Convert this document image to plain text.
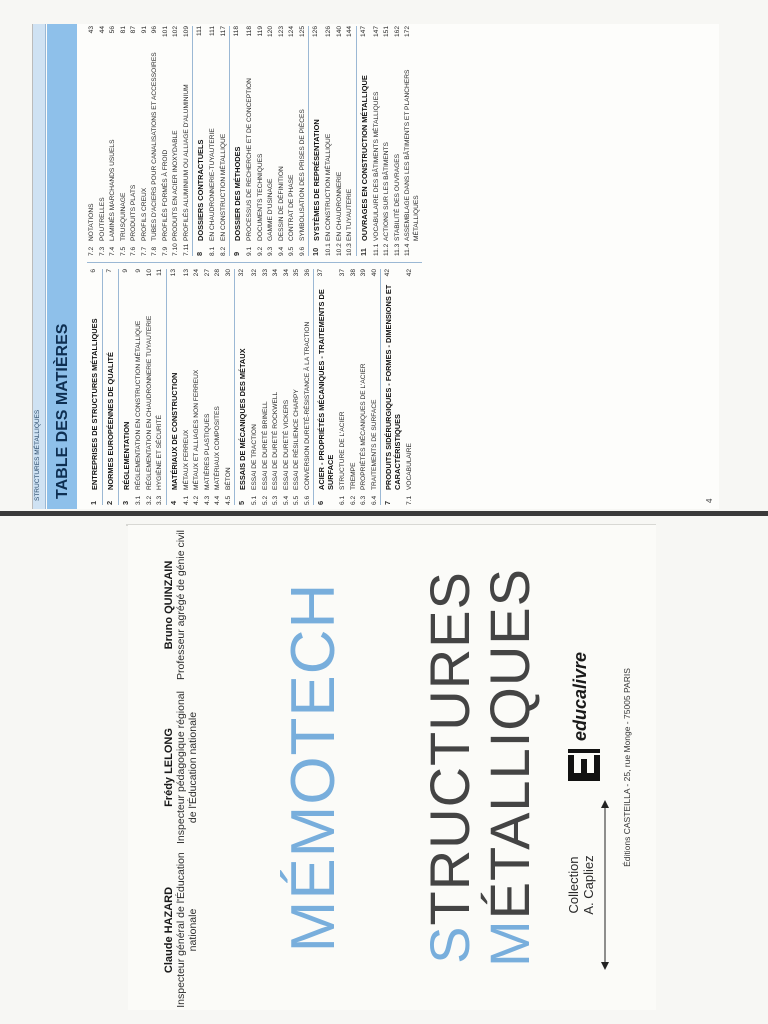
Claude HAZARD Inspecteur général de l'Éducation nationale
Frédy LELONG Inspecteur pédagogique régional de l'Éducation nationale
Bruno QUINZAIN Professeur agrégé de génie civil MÉMOTECH STRUCTURES
MÉTALLIQUES Collection A. Capliez
educalivre	Éditions CASTEILLA - 25, rue Monge - 75005 PARIS
STRUCTURES MÉTALLIQUES TABLE DES MATIÈRES
1
ENTREPRISES DE STRUCTURES MÉTALLIQUES
6
2
NORMES EUROPÉENNES DE QUALITÉ
7
3
RÉGLEMENTATION
9
3.1
RÉGLEMENTATION EN CONSTRUCTION MÉTALLIQUE
9
3.2
RÉGLEMENTATION EN CHAUDRONNERIE TUYAUTERIE
10
3.3
HYGIÈNE ET SÉCURITÉ
11
4
MATÉRIAUX DE CONSTRUCTION
13
4.1
MÉTAUX FERREUX
13
4.2
MÉTAUX ET ALLIAGES NON FERREUX
24
4.3
MATIÈRES PLASTIQUES
27
4.4
MATÉRIAUX COMPOSITES
28
4.5
BÉTON
30
5
ESSAIS DE MÉCANIQUES DES MÉTAUX
32
5.1
ESSAI DE TRACTION
32
5.2
ESSAI DE DURETÉ BRINELL
33
5.3
ESSAI DE DURETÉ ROCKWELL
34
5.4
ESSAI DE DURETÉ VICKERS
34
5.5
ESSAI DE RÉSILIENCE CHARPY
35
5.6
CONVERSION DURETÉ-RÉSISTANCE À LA TRACTION
36
6
ACIER - PROPRIÉTÉS MÉCANIQUES - TRAITEMENTS DE SURFACE
37
6.1
STRUCTURE DE L'ACIER
37
6.2
TREMPE
38
6.3
PROPRIÉTÉS MÉCANIQUES DE L'ACIER
39
6.4
TRAITEMENTS DE SURFACE
40
7
PRODUITS SIDÉRURGIQUES - FORMES - DIMENSIONS ET CARACTÉRISTIQUES
42
7.1
VOCABULAIRE
42
7.2
NOTATIONS
43
7.3
POUTRELLES
44
7.4
LAMINÉS MARCHANDS USUELS
56
7.5
TRUSQUINAGE
81
7.6
PRODUITS PLATS
87
7.7
PROFILS CREUX
91
7.8
TUBES D'ACIERS POUR CANALISATIONS ET ACCESSOIRES
96
7.9
PROFILÉS FORMÉS À FROID
101
7.10
PRODUITS EN ACIER INOXYDABLE
102
7.11
PROFILÉS ALUMINIUM OU ALLIAGE D'ALUMINIUM
109
8
DOSSIERS CONTRACTUELS
111
8.1
EN CHAUDRONNERIE-TUYAUTERIE
111
8.2
EN CONSTRUCTION MÉTALLIQUE
117
9
DOSSIER DES MÉTHODES
118
9.1
PROCESSUS DE RECHERCHE ET DE CONCEPTION
118
9.2
DOCUMENTS TECHNIQUES
119
9.3
GAMME D'USINAGE
120
9.4
DESSIN DE DÉFINITION
123
9.5
CONTRAT DE PHASE
124
9.6
SYMBOLISATION DES PRISES DE PIÈCES
125
10
SYSTÈMES DE REPRÉSENTATION
126
10.1
EN CONSTRUCTION MÉTALLIQUE
126
10.2
EN CHAUDRONNERIE
140
10.3
EN TUYAUTERIE
144
11
OUVRAGES EN CONSTRUCTION MÉTALLIQUE
147
11.1
VOCABULAIRE DES BÂTIMENTS MÉTALLIQUES
147
11.2
ACTIONS SUR LES BÂTIMENTS
151
11.3
STABILITÉ DES OUVRAGES
162
11.4
ASSEMBLAGE DANS LES BÂTIMENTS ET PLANCHERS MÉTALLIQUES
172
4
